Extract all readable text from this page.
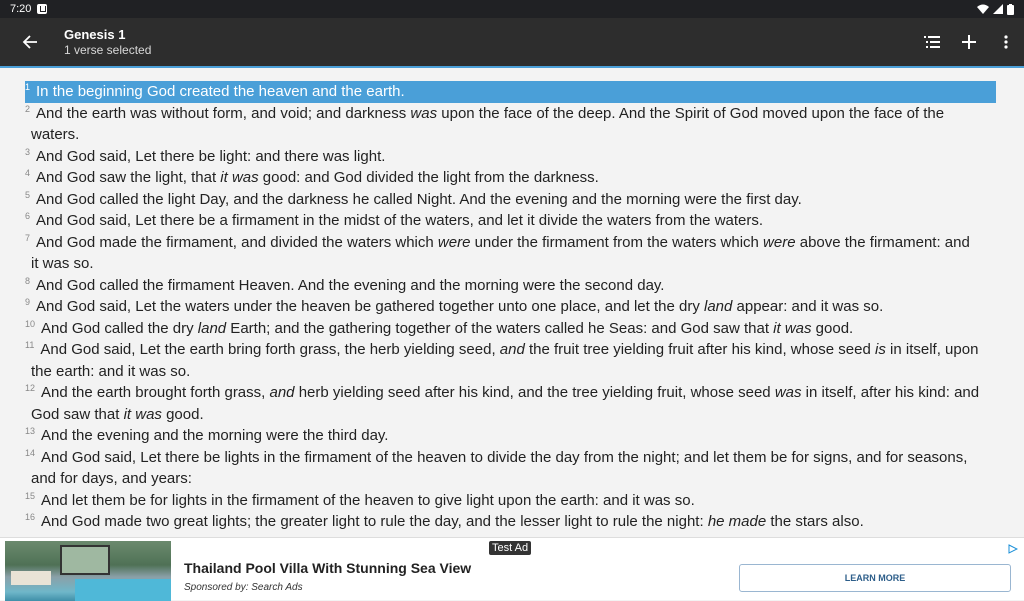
7:20
Genesis 1
1 verse selected
$^1$ In the beginning God created the heaven and the earth.
$^2$ And the earth was without form, and void; and darkness was upon the face of the deep. And the Spirit of God moved upon the face of the waters.
$^3$ And God said, Let there be light: and there was light.
$^4$ And God saw the light, that it was good: and God divided the light from the darkness.
$^5$ And God called the light Day, and the darkness he called Night. And the evening and the morning were the first day.
$^6$ And God said, Let there be a firmament in the midst of the waters, and let it divide the waters from the waters.
$^7$ And God made the firmament, and divided the waters which were under the firmament from the waters which were above the firmament: and it was so.
$^8$ And God called the firmament Heaven. And the evening and the morning were the second day.
$^9$ And God said, Let the waters under the heaven be gathered together unto one place, and let the dry land appear: and it was so.
$^{10}$ And God called the dry land Earth; and the gathering together of the waters called he Seas: and God saw that it was good.
$^{11}$ And God said, Let the earth bring forth grass, the herb yielding seed, and the fruit tree yielding fruit after his kind, whose seed is in itself, upon the earth: and it was so.
$^{12}$ And the earth brought forth grass, and herb yielding seed after his kind, and the tree yielding fruit, whose seed was in itself, after his kind: and God saw that it was good.
$^{13}$ And the evening and the morning were the third day.
$^{14}$ And God said, Let there be lights in the firmament of the heaven to divide the day from the night; and let them be for signs, and for seasons, and for days, and years:
$^{15}$ And let them be for lights in the firmament of the heaven to give light upon the earth: and it was so.
$^{16}$ And God made two great lights; the greater light to rule the day, and the lesser light to rule the night: he made the stars also.
Test Ad
Thailand Pool Villa With Stunning Sea View
Sponsored by: Search Ads
LEARN MORE
